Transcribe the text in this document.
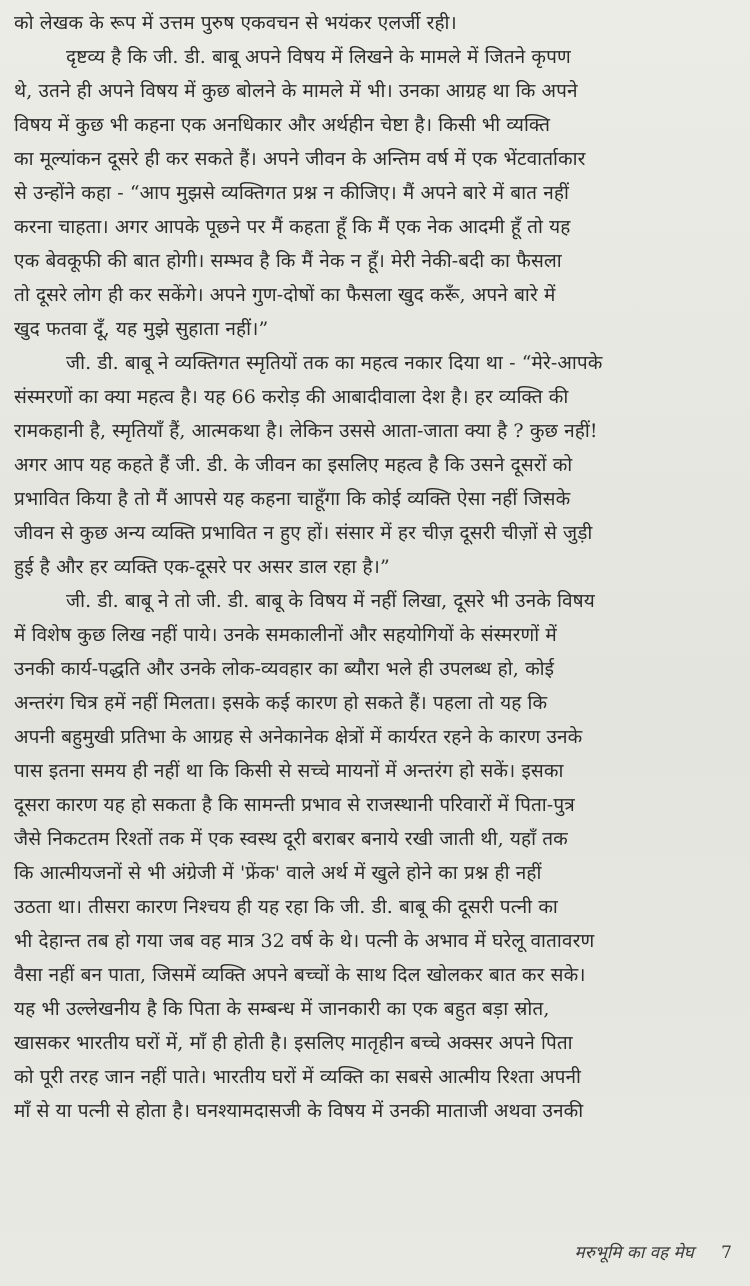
को लेखक के रूप में उत्तम पुरुष एकवचन से भयंकर एलर्जी रही।
दृष्टव्य है कि जी. डी. बाबू अपने विषय में लिखने के मामले में जितने कृपण
थे, उतने ही अपने विषय में कुछ बोलने के मामले में भी। उनका आग्रह था कि अपने
विषय में कुछ भी कहना एक अनधिकार और अर्थहीन चेष्टा है। किसी भी व्यक्ति
का मूल्यांकन दूसरे ही कर सकते हैं। अपने जीवन के अन्तिम वर्ष में एक भेंटवार्ताकार
से उन्होंने कहा - “आप मुझसे व्यक्तिगत प्रश्न न कीजिए। मैं अपने बारे में बात नहीं
करना चाहता। अगर आपके पूछने पर मैं कहता हूँ कि मैं एक नेक आदमी हूँ तो यह
एक बेवकूफी की बात होगी। सम्भव है कि मैं नेक न हूँ। मेरी नेकी-बदी का फैसला
तो दूसरे लोग ही कर सकेंगे। अपने गुण-दोषों का फैसला खुद करूँ, अपने बारे में
खुद फतवा दूँ, यह मुझे सुहाता नहीं।”
जी. डी. बाबू ने व्यक्तिगत स्मृतियों तक का महत्व नकार दिया था - “मेरे-आपके
संस्मरणों का क्या महत्व है। यह 66 करोड़ की आबादीवाला देश है। हर व्यक्ति की
रामकहानी है, स्मृतियाँ हैं, आत्मकथा है। लेकिन उससे आता-जाता क्या है ? कुछ नहीं!
अगर आप यह कहते हैं जी. डी. के जीवन का इसलिए महत्व है कि उसने दूसरों को
प्रभावित किया है तो मैं आपसे यह कहना चाहूँगा कि कोई व्यक्ति ऐसा नहीं जिसके
जीवन से कुछ अन्य व्यक्ति प्रभावित न हुए हों। संसार में हर चीज़ दूसरी चीज़ों से जुड़ी
हुई है और हर व्यक्ति एक-दूसरे पर असर डाल रहा है।”
जी. डी. बाबू ने तो जी. डी. बाबू के विषय में नहीं लिखा, दूसरे भी उनके विषय
में विशेष कुछ लिख नहीं पाये। उनके समकालीनों और सहयोगियों के संस्मरणों में
उनकी कार्य-पद्धति और उनके लोक-व्यवहार का ब्यौरा भले ही उपलब्ध हो, कोई
अन्तरंग चित्र हमें नहीं मिलता। इसके कई कारण हो सकते हैं। पहला तो यह कि
अपनी बहुमुखी प्रतिभा के आग्रह से अनेकानेक क्षेत्रों में कार्यरत रहने के कारण उनके
पास इतना समय ही नहीं था कि किसी से सच्चे मायनों में अन्तरंग हो सकें। इसका
दूसरा कारण यह हो सकता है कि सामन्ती प्रभाव से राजस्थानी परिवारों में पिता-पुत्र
जैसे निकटतम रिश्तों तक में एक स्वस्थ दूरी बराबर बनाये रखी जाती थी, यहाँ तक
कि आत्मीयजनों से भी अंग्रेजी में 'फ्रेंक' वाले अर्थ में खुले होने का प्रश्न ही नहीं
उठता था। तीसरा कारण निश्चय ही यह रहा कि जी. डी. बाबू की दूसरी पत्नी का
भी देहान्त तब हो गया जब वह मात्र 32 वर्ष के थे। पत्नी के अभाव में घरेलू वातावरण
वैसा नहीं बन पाता, जिसमें व्यक्ति अपने बच्चों के साथ दिल खोलकर बात कर सके।
यह भी उल्लेखनीय है कि पिता के सम्बन्ध में जानकारी का एक बहुत बड़ा स्रोत,
खासकर भारतीय घरों में, माँ ही होती है। इसलिए मातृहीन बच्चे अक्सर अपने पिता
को पूरी तरह जान नहीं पाते। भारतीय घरों में व्यक्ति का सबसे आत्मीय रिश्ता अपनी
माँ से या पत्नी से होता है। घनश्यामदासजी के विषय में उनकी माताजी अथवा उनकी
मरुभूमि का वह मेघ 7
